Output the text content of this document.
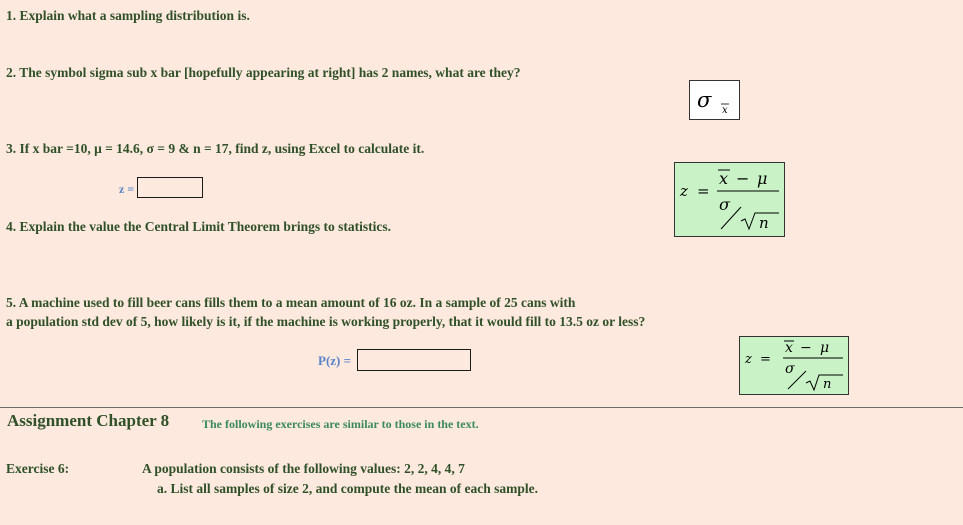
1. Explain what a sampling distribution is.
2. The symbol sigma sub x bar [hopefully appearing at right] has 2 names, what are they?
σ x
3. If x bar =10, μ = 14.6, σ = 9 & n = 17, find z, using Excel to calculate it.
z =	z =
x − μ
σ
n
4. Explain the value the Central Limit Theorem brings to statistics.
5. A machine used to fill beer cans fills them to a mean amount of 16 oz. In a sample of 25 cans with
a population std dev of 5, how likely is it, if the machine is working properly, that it would fill to 13.5 oz or less?
P(z) =	z =
x − μ
σ
n
Assignment Chapter 8	The following exercises are similar to those in the text.
Exercise 6:	A population consists of the following values: 2, 2, 4, 4, 7
a. List all samples of size 2, and compute the mean of each sample.
